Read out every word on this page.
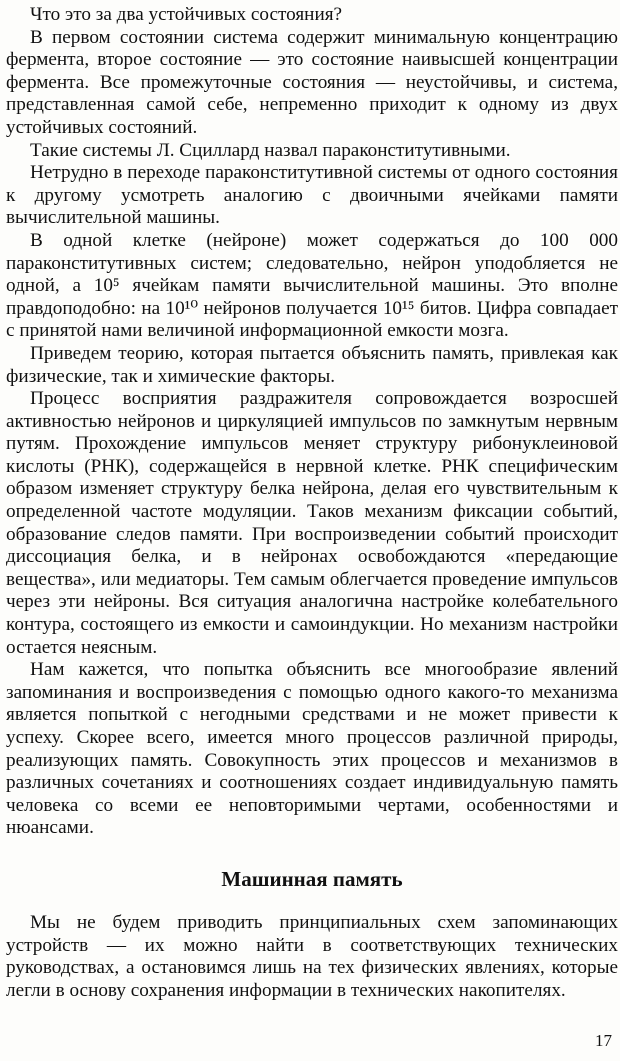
Что это за два устойчивых состояния?

В первом состоянии система содержит минимальную концентрацию фермента, второе состояние — это состояние наивысшей концентрации фермента. Все промежуточные состояния — неустойчивы, и система, представленная самой себе, непременно приходит к одному из двух устойчивых состояний.

Такие системы Л. Сциллард назвал параконститутивными.

Нетрудно в переходе параконститутивной системы от одного состояния к другому усмотреть аналогию с двоичными ячейками памяти вычислительной машины.

В одной клетке (нейроне) может содержаться до 100 000 параконститутивных систем; следовательно, нейрон уподобляется не одной, а 10⁵ ячейкам памяти вычислительной машины. Это вполне правдоподобно: на 10¹⁰ нейронов получается 10¹⁵ битов. Цифра совпадает с принятой нами величиной информационной емкости мозга.

Приведем теорию, которая пытается объяснить память, привлекая как физические, так и химические факторы.

Процесс восприятия раздражителя сопровождается возросшей активностью нейронов и циркуляцией импульсов по замкнутым нервным путям. Прохождение импульсов меняет структуру рибонуклеиновой кислоты (РНК), содержащейся в нервной клетке. РНК специфическим образом изменяет структуру белка нейрона, делая его чувствительным к определенной частоте модуляции. Таков механизм фиксации событий, образование следов памяти. При воспроизведении событий происходит диссоциация белка, и в нейронах освобождаются «передающие вещества», или медиаторы. Тем самым облегчается проведение импульсов через эти нейроны. Вся ситуация аналогична настройке колебательного контура, состоящего из емкости и самоиндукции. Но механизм настройки остается неясным.

Нам кажется, что попытка объяснить все многообразие явлений запоминания и воспроизведения с помощью одного какого-то механизма является попыткой с негодными средствами и не может привести к успеху. Скорее всего, имеется много процессов различной природы, реализующих память. Совокупность этих процессов и механизмов в различных сочетаниях и соотношениях создает индивидуальную память человека со всеми ее неповторимыми чертами, особенностями и нюансами.

Машинная память

Мы не будем приводить принципиальных схем запоминающих устройств — их можно найти в соответствующих технических руководствах, а остановимся лишь на тех физических явлениях, которые легли в основу сохранения информации в технических накопителях.

17
